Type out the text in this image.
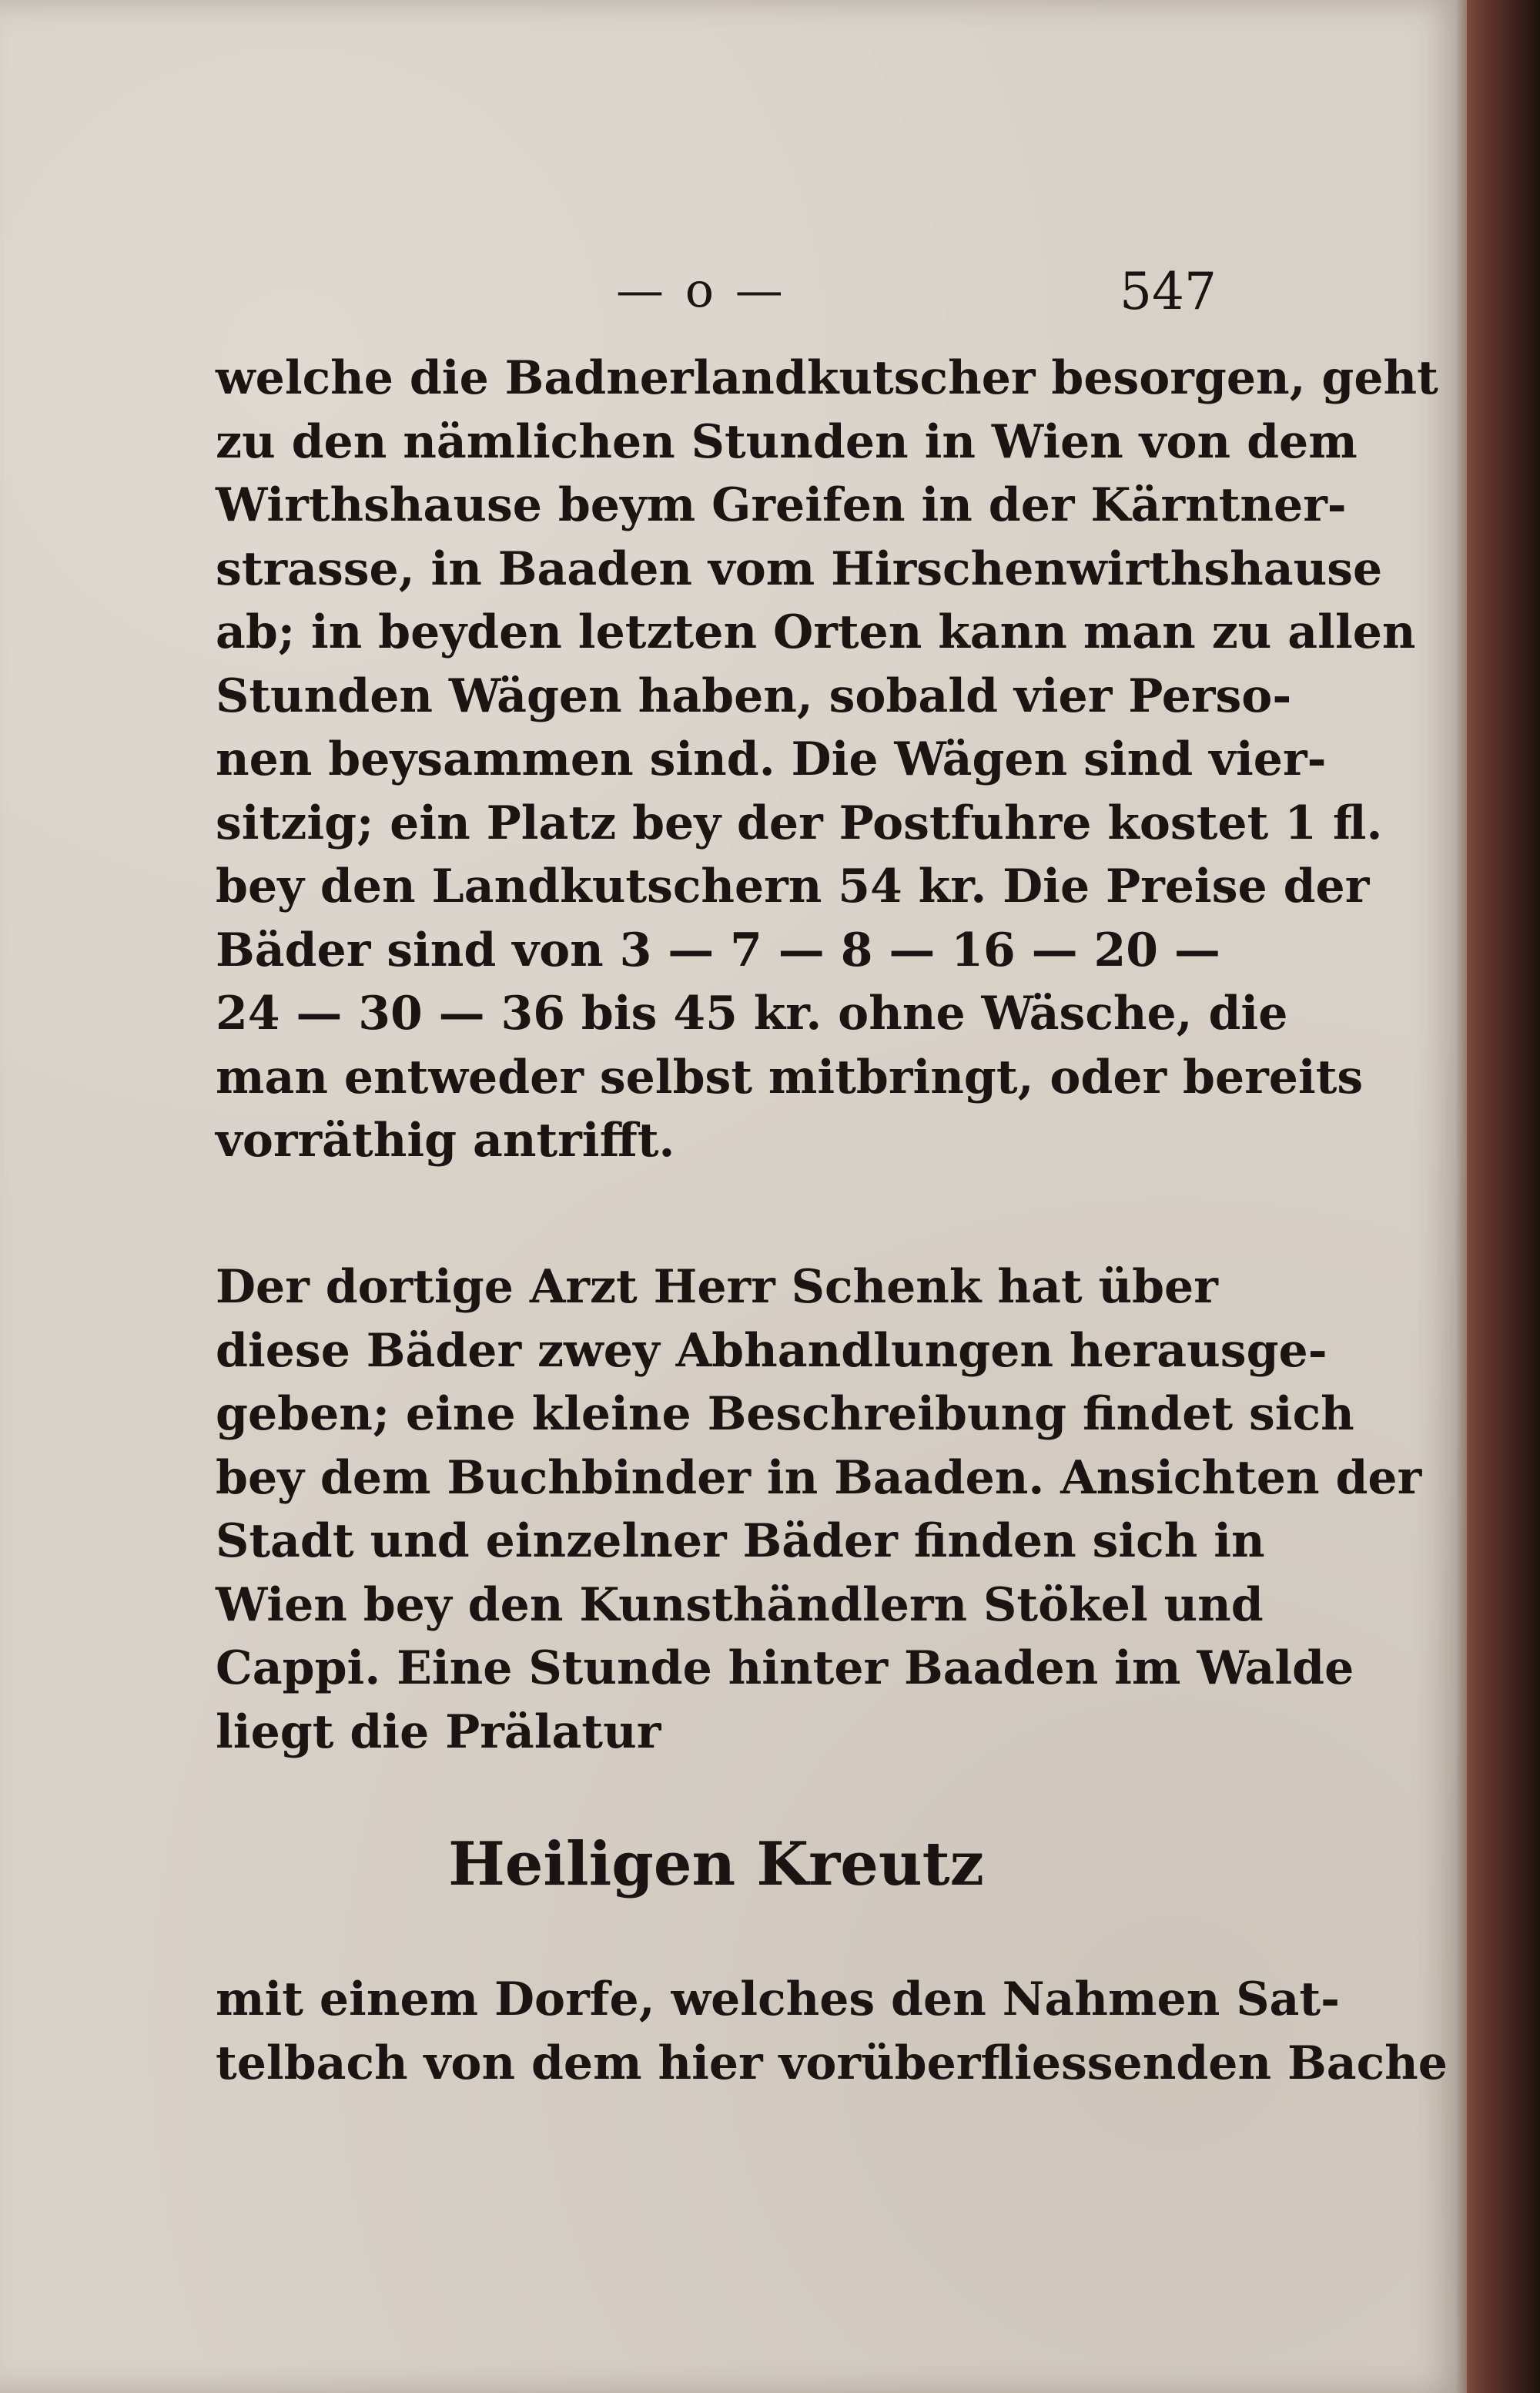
— o —	547
welche die Badnerlandkutscher besorgen, geht
zu den nämlichen Stunden in Wien von dem
Wirthshause beym Greifen in der Kärntner-
strasse, in Baaden vom Hirschenwirthshause
ab; in beyden letzten Orten kann man zu allen
Stunden Wägen haben, sobald vier Perso-
nen beysammen sind. Die Wägen sind vier-
sitzig; ein Platz bey der Postfuhre kostet 1 fl.
bey den Landkutschern 54 kr. Die Preise der
Bäder sind von 3 — 7 — 8 — 16 — 20 —
24 — 30 — 36 bis 45 kr. ohne Wäsche, die
man entweder selbst mitbringt, oder bereits
vorräthig antrifft.
Der dortige Arzt Herr Schenk hat über
diese Bäder zwey Abhandlungen herausge-
geben; eine kleine Beschreibung findet sich
bey dem Buchbinder in Baaden. Ansichten der
Stadt und einzelner Bäder finden sich in
Wien bey den Kunsthändlern Stökel und
Cappi. Eine Stunde hinter Baaden im Walde
liegt die Prälatur
Heiligen Kreutz
mit einem Dorfe, welches den Nahmen Sat-
telbach von dem hier vorüberfliessenden Bache
